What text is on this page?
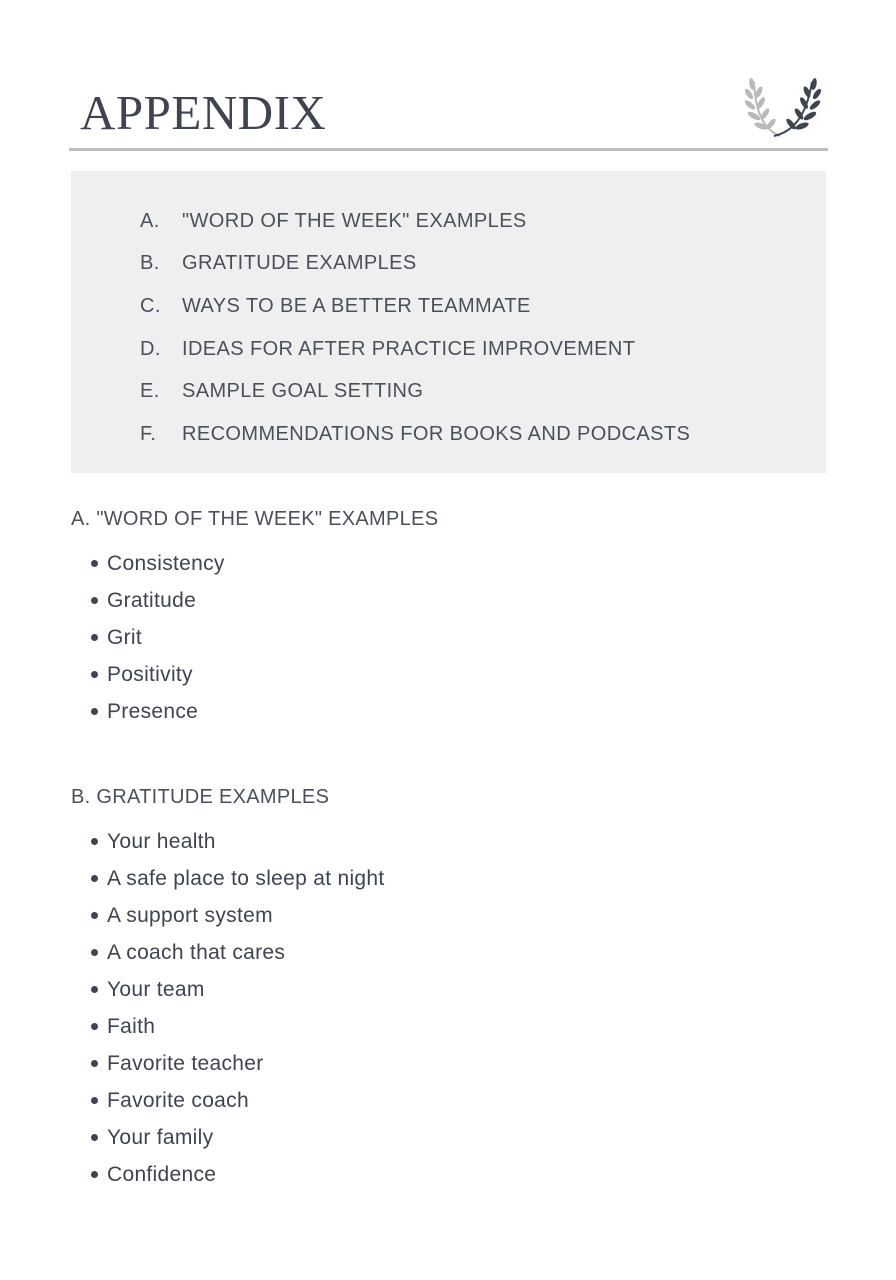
APPENDIX
A.	"WORD OF THE WEEK" EXAMPLES
B.	GRATITUDE EXAMPLES
C.	WAYS TO BE A BETTER TEAMMATE
D.	IDEAS FOR AFTER PRACTICE IMPROVEMENT
E.	SAMPLE GOAL SETTING
F.	RECOMMENDATIONS FOR BOOKS AND PODCASTS
A. "WORD OF THE WEEK" EXAMPLES
Consistency
Gratitude
Grit
Positivity
Presence
B. GRATITUDE EXAMPLES
Your health
A safe place to sleep at night
A support system
A coach that cares
Your team
Faith
Favorite teacher
Favorite coach
Your family
Confidence
